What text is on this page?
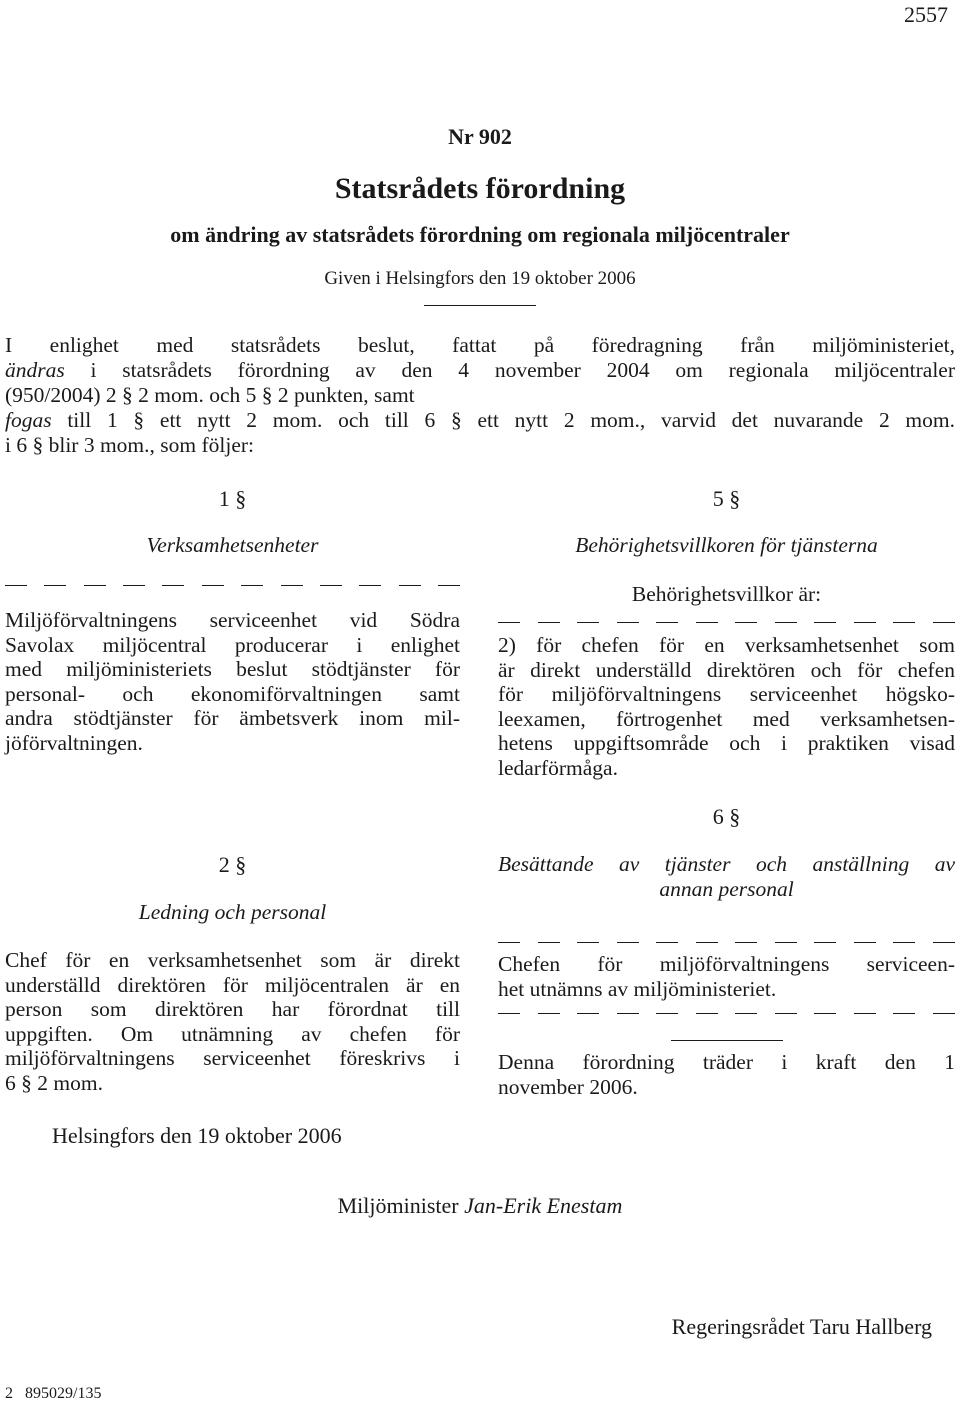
2557
Nr 902
Statsrådets förordning
om ändring av statsrådets förordning om regionala miljöcentraler
Given i Helsingfors den 19 oktober 2006
I enlighet med statsrådets beslut, fattat på föredragning från miljöministeriet,
ändras i statsrådets förordning av den 4 november 2004 om regionala miljöcentraler
(950/2004) 2 § 2 mom. och 5 § 2 punkten, samt
fogas till 1 § ett nytt 2 mom. och till 6 § ett nytt 2 mom., varvid det nuvarande 2 mom.
i 6 § blir 3 mom., som följer:
1 §
Verksamhetsenheter
Miljöförvaltningens serviceenhet vid Södra
Savolax miljöcentral producerar i enlighet
med miljöministeriets beslut stödtjänster för
personal- och ekonomiförvaltningen samt
andra stödtjänster för ämbetsverk inom mil-
jöförvaltningen.
2 §
Ledning och personal
Chef för en verksamhetsenhet som är direkt
underställd direktören för miljöcentralen är en
person som direktören har förordnat till
uppgiften. Om utnämning av chefen för
miljöförvaltningens serviceenhet föreskrivs i
6 § 2 mom.
5 §
Behörighetsvillkoren för tjänsterna
Behörighetsvillkor är:
2) för chefen för en verksamhetsenhet som
är direkt underställd direktören och för chefen
för miljöförvaltningens serviceenhet högsko-
leexamen, förtrogenhet med verksamhetsen-
hetens uppgiftsområde och i praktiken visad
ledarförmåga.
6 §
Besättande av tjänster och anställning av
annan personal
Chefen för miljöförvaltningens serviceen-
het utnämns av miljöministeriet.
Denna förordning träder i kraft den 1
november 2006.
Helsingfors den 19 oktober 2006
Miljöminister Jan-Erik Enestam
Regeringsrådet Taru Hallberg
2   895029/135
